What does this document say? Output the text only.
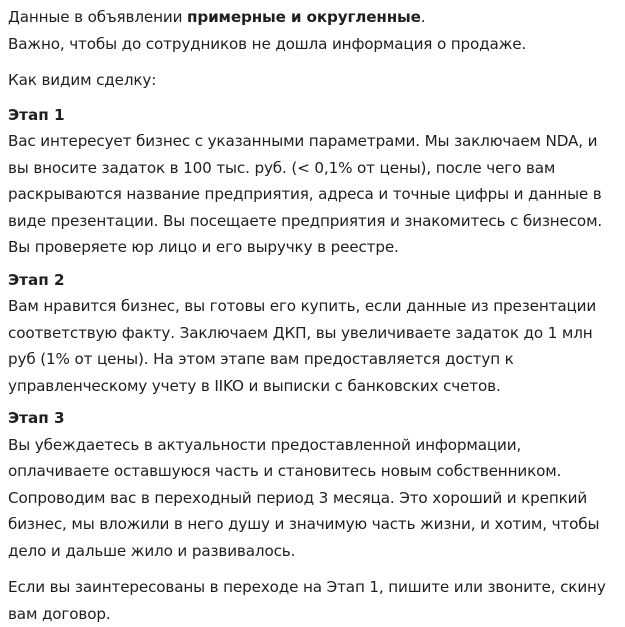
Данные в объявлении примерные и округленные.

Важно, чтобы до сотрудников не дошла информация о продаже.

Как видим сделку:

Этап 1

Вас интересует бизнес с указанными параметрами. Мы заключаем NDA, и вы вносите задаток в 100 тыс. руб. (< 0,1% от цены), после чего вам раскрываются название предприятия, адреса и точные цифры и данные в виде презентации. Вы посещаете предприятия и знакомитесь с бизнесом. Вы проверяете юр лицо и его выручку в реестре.

Этап 2

Вам нравится бизнес, вы готовы его купить, если данные из презентации соответствую факту. Заключаем ДКП, вы увеличиваете задаток до 1 млн руб (1% от цены). На этом этапе вам предоставляется доступ к управленческому учету в IIKO и выписки с банковских счетов.

Этап 3

Вы убеждаетесь в актуальности предоставленной информации, оплачиваете оставшуюся часть и становитесь новым собственником. Сопроводим вас в переходный период 3 месяца. Это хороший и крепкий бизнес, мы вложили в него душу и значимую часть жизни, и хотим, чтобы дело и дальше жило и развивалось.

Если вы заинтересованы в переходе на Этап 1, пишите или звоните, скину вам договор.
